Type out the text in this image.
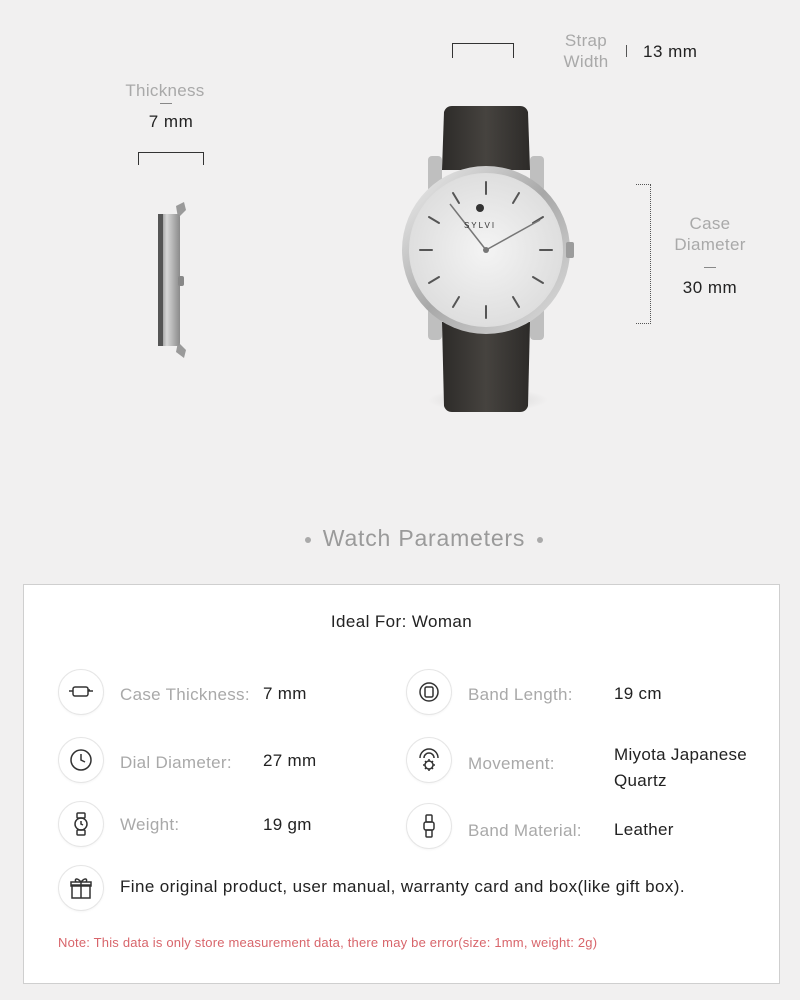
Thickness
7 mm
Strap
Width
13 mm
Case
Diameter
30 mm
SYLVI
Watch Parameters
Ideal For: Woman
Case Thickness: 7 mm	Band Length: 19 cm
Dial Diameter: 27 mm	Movement:	Miyota Japanese
Quartz
Weight:	19 gm	Band Material: Leather
Fine original product, user manual, warranty card and box(like gift box).
Note: This data is only store measurement data, there may be error(size: 1mm, weight: 2g)
